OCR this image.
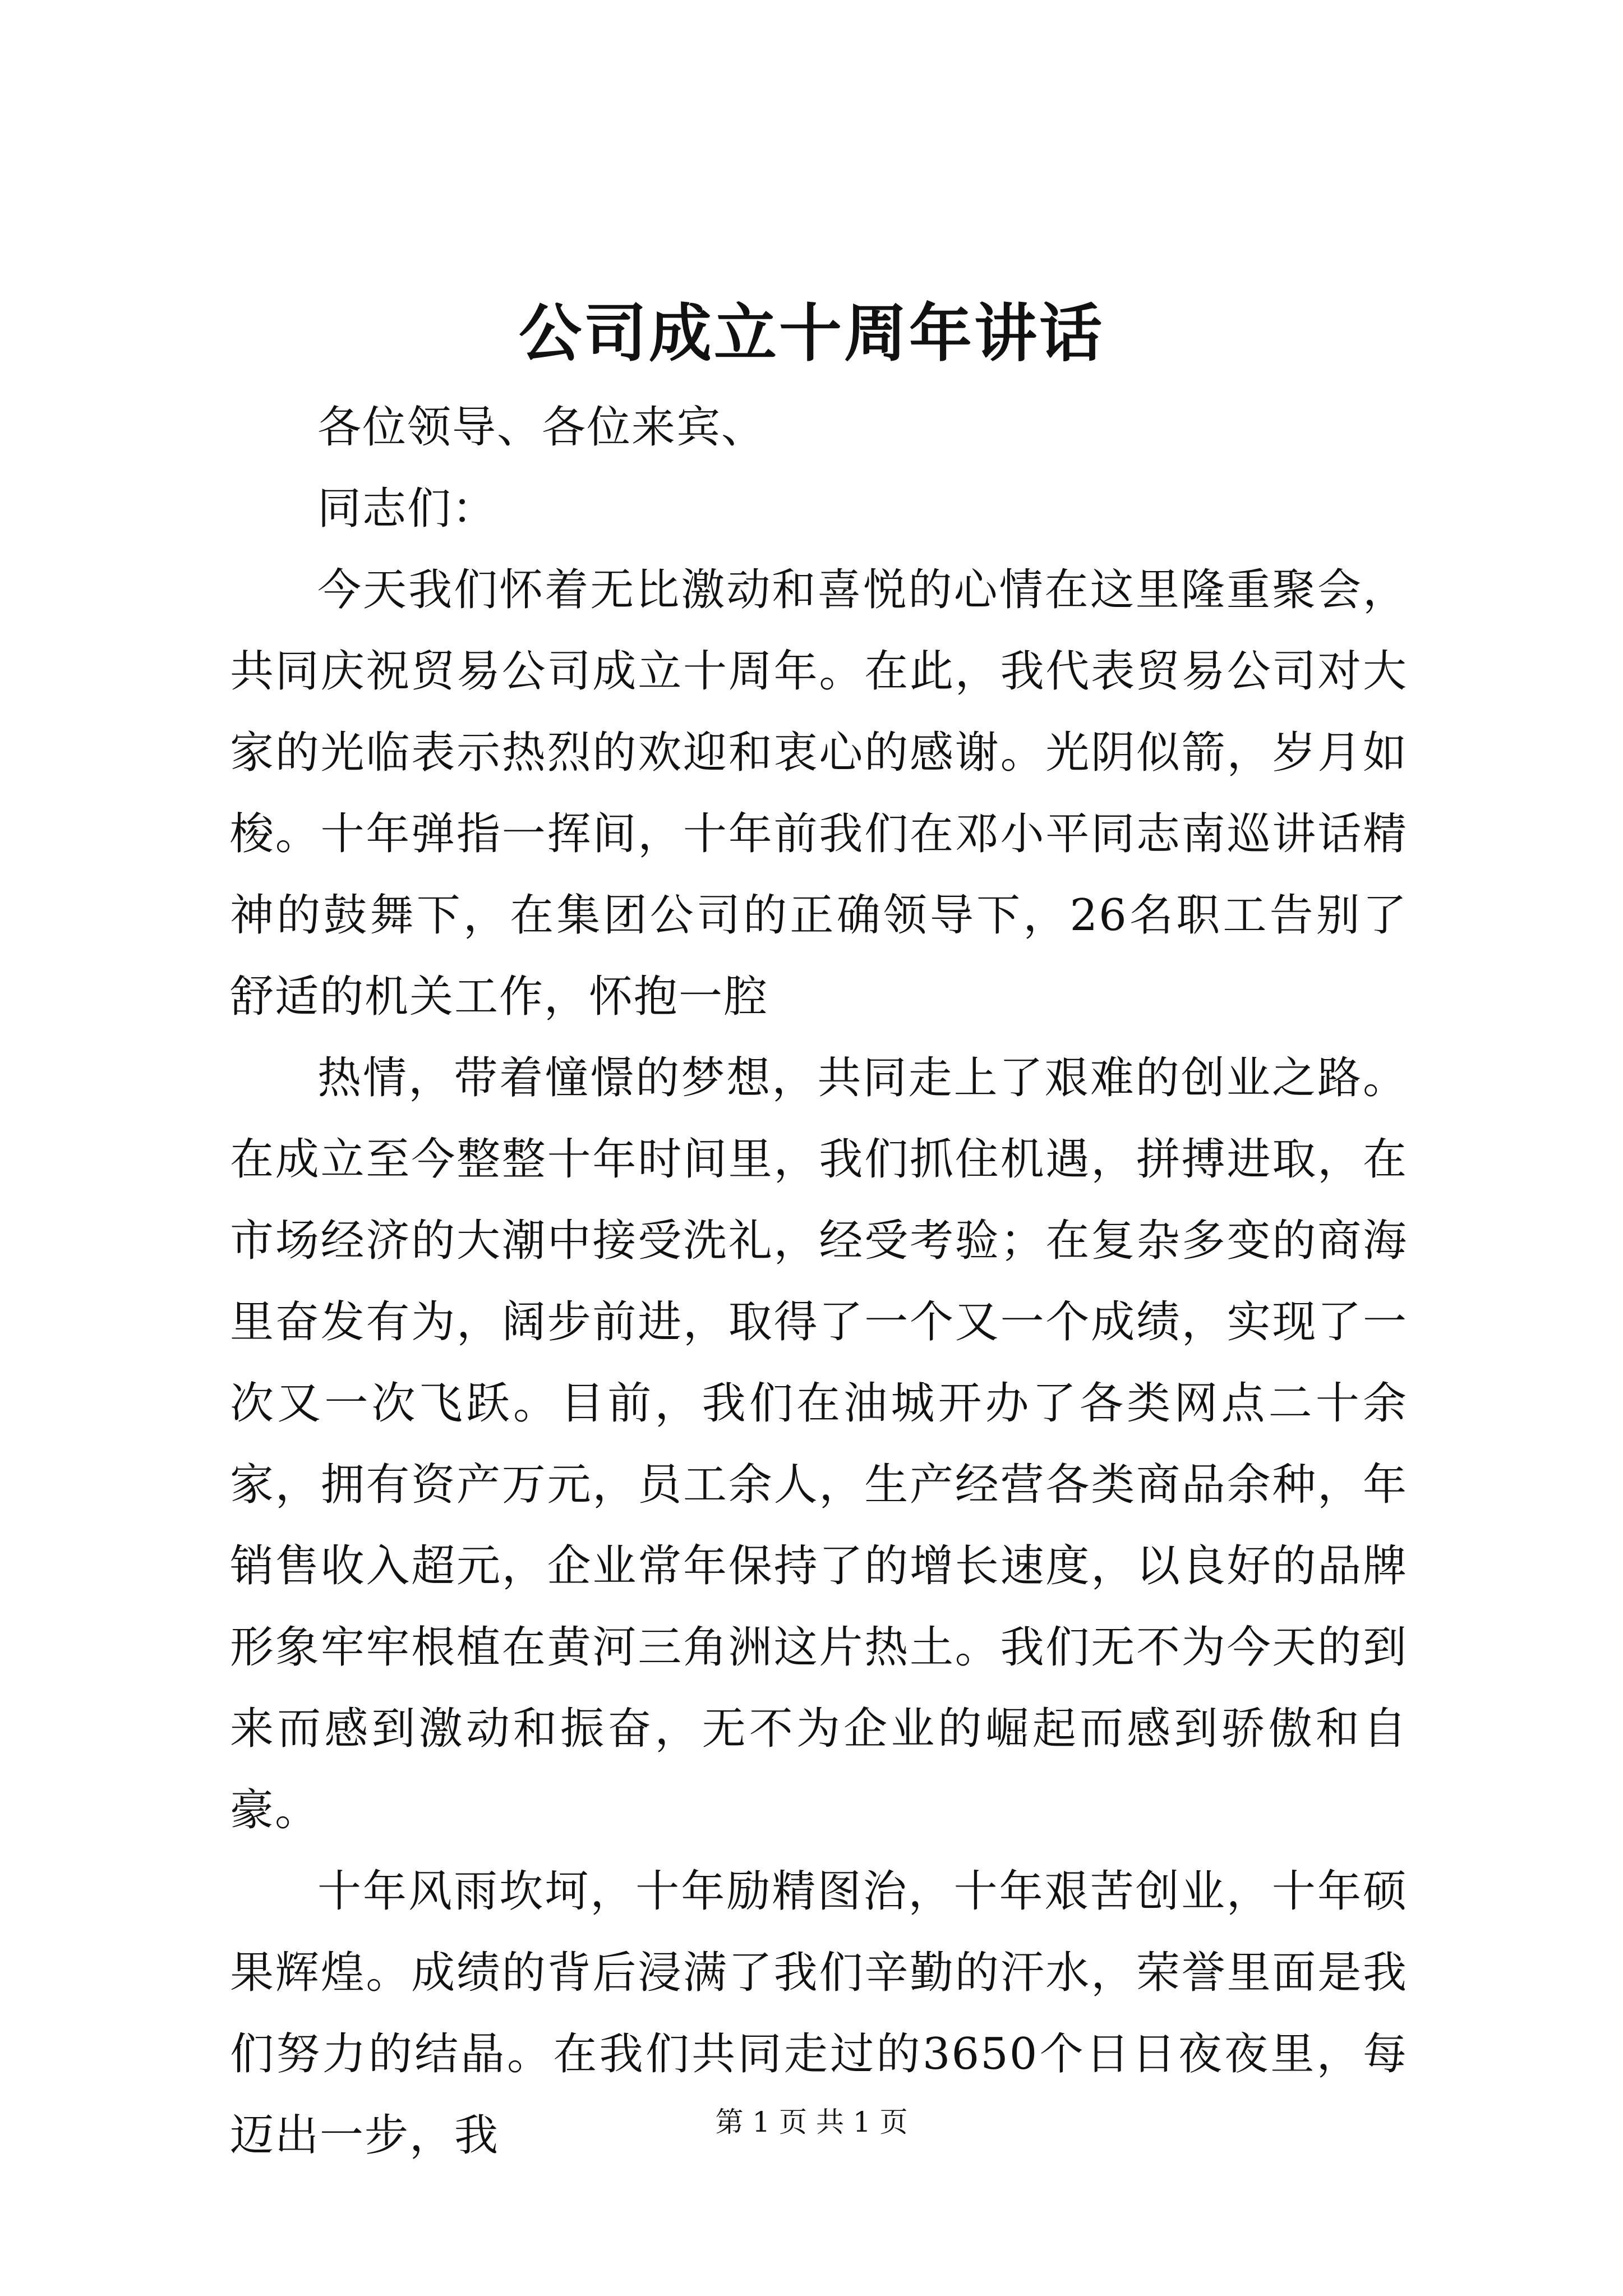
公司成立十周年讲话

各位领导、各位来宾、

同志们：

今天我们怀着无比激动和喜悦的心情在这里隆重聚会，共同庆祝贸易公司成立十周年。在此，我代表贸易公司对大家的光临表示热烈的欢迎和衷心的感谢。光阴似箭，岁月如梭。十年弹指一挥间，十年前我们在邓小平同志南巡讲话精神的鼓舞下，在集团公司的正确领导下，26名职工告别了舒适的机关工作，怀抱一腔

热情，带着憧憬的梦想，共同走上了艰难的创业之路。在成立至今整整十年时间里，我们抓住机遇，拼搏进取，在市场经济的大潮中接受洗礼，经受考验；在复杂多变的商海里奋发有为，阔步前进，取得了一个又一个成绩，实现了一次又一次飞跃。目前，我们在油城开办了各类网点二十余家，拥有资产万元，员工余人，生产经营各类商品余种，年销售收入超元，企业常年保持了的增长速度，以良好的品牌形象牢牢根植在黄河三角洲这片热土。我们无不为今天的到来而感到激动和振奋，无不为企业的崛起而感到骄傲和自豪。

十年风雨坎坷，十年励精图治，十年艰苦创业，十年硕果辉煌。成绩的背后浸满了我们辛勤的汗水，荣誉里面是我们努力的结晶。在我们共同走过的3650个日日夜夜里，每迈出一步，我	第 1 页 共 1 页
